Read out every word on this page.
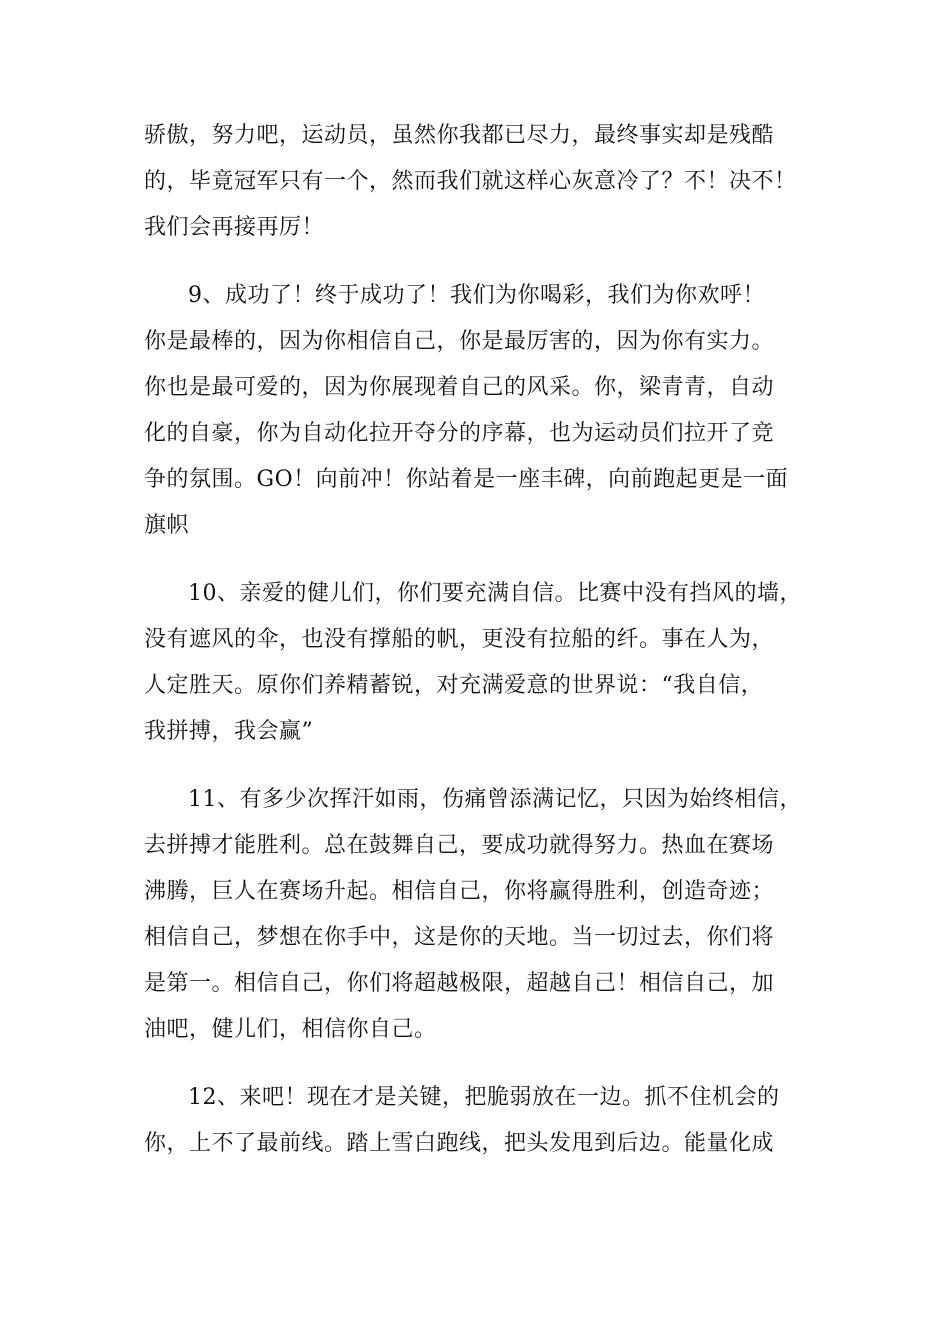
骄傲，努力吧，运动员，虽然你我都已尽力，最终事实却是残酷
的，毕竟冠军只有一个，然而我们就这样心灰意冷了？不！决不！
我们会再接再厉！

9、成功了！终于成功了！我们为你喝彩，我们为你欢呼！
你是最棒的，因为你相信自己，你是最厉害的，因为你有实力。
你也是最可爱的，因为你展现着自己的风采。你，梁青青，自动
化的自豪，你为自动化拉开夺分的序幕，也为运动员们拉开了竞
争的氛围。GO！向前冲！你站着是一座丰碑，向前跑起更是一面
旗帜

10、亲爱的健儿们，你们要充满自信。比赛中没有挡风的墙，
没有遮风的伞，也没有撑船的帆，更没有拉船的纤。事在人为，
人定胜天。原你们养精蓄锐，对充满爱意的世界说：“我自信，
我拼搏，我会赢”

11、有多少次挥汗如雨，伤痛曾添满记忆，只因为始终相信，
去拼搏才能胜利。总在鼓舞自己，要成功就得努力。热血在赛场
沸腾，巨人在赛场升起。相信自己，你将赢得胜利，创造奇迹；
相信自己，梦想在你手中，这是你的天地。当一切过去，你们将
是第一。相信自己，你们将超越极限，超越自己！相信自己，加
油吧，健儿们，相信你自己。

12、来吧！现在才是关键，把脆弱放在一边。抓不住机会的
你，上不了最前线。踏上雪白跑线，把头发甩到后边。能量化成
